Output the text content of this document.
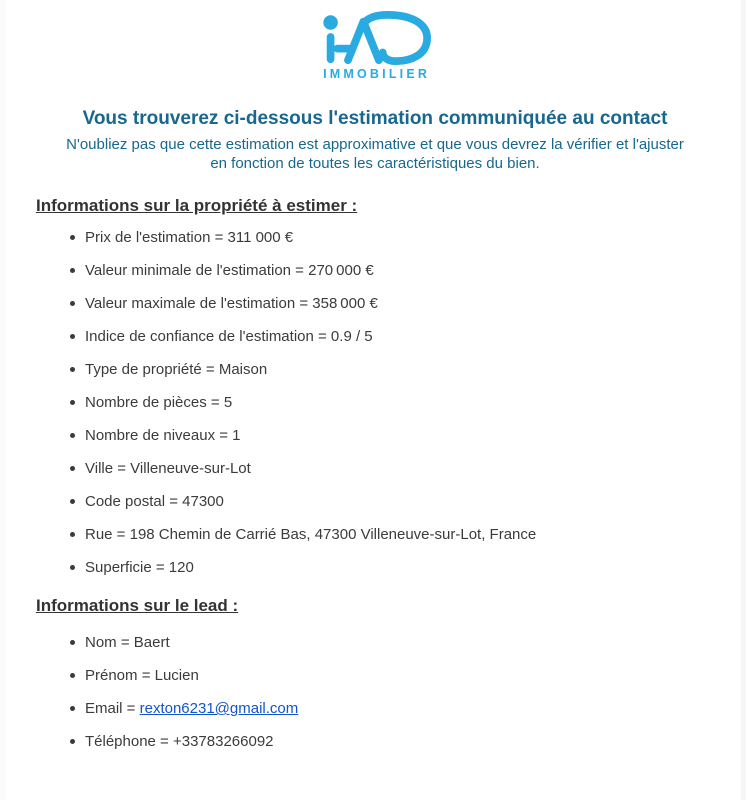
IMMOBILIER
Vous trouverez ci-dessous l'estimation communiquée au contact

N'oubliez pas que cette estimation est approximative et que vous devrez la vérifier et l'ajuster
en fonction de toutes les caractéristiques du bien.

Informations sur la propriété à estimer :
Prix de l'estimation = 311 000 €
Valeur minimale de l'estimation = 270 000 €
Valeur maximale de l'estimation = 358 000 €
Indice de confiance de l'estimation = 0.9 / 5
Type de propriété = Maison
Nombre de pièces = 5
Nombre de niveaux = 1
Ville = Villeneuve-sur-Lot
Code postal = 47300
Rue = 198 Chemin de Carrié Bas, 47300 Villeneuve-sur-Lot, France
Superficie = 120
Informations sur le lead :
Nom = Baert
Prénom = Lucien
Email = rexton6231@gmail.com
Téléphone = +33783266092
